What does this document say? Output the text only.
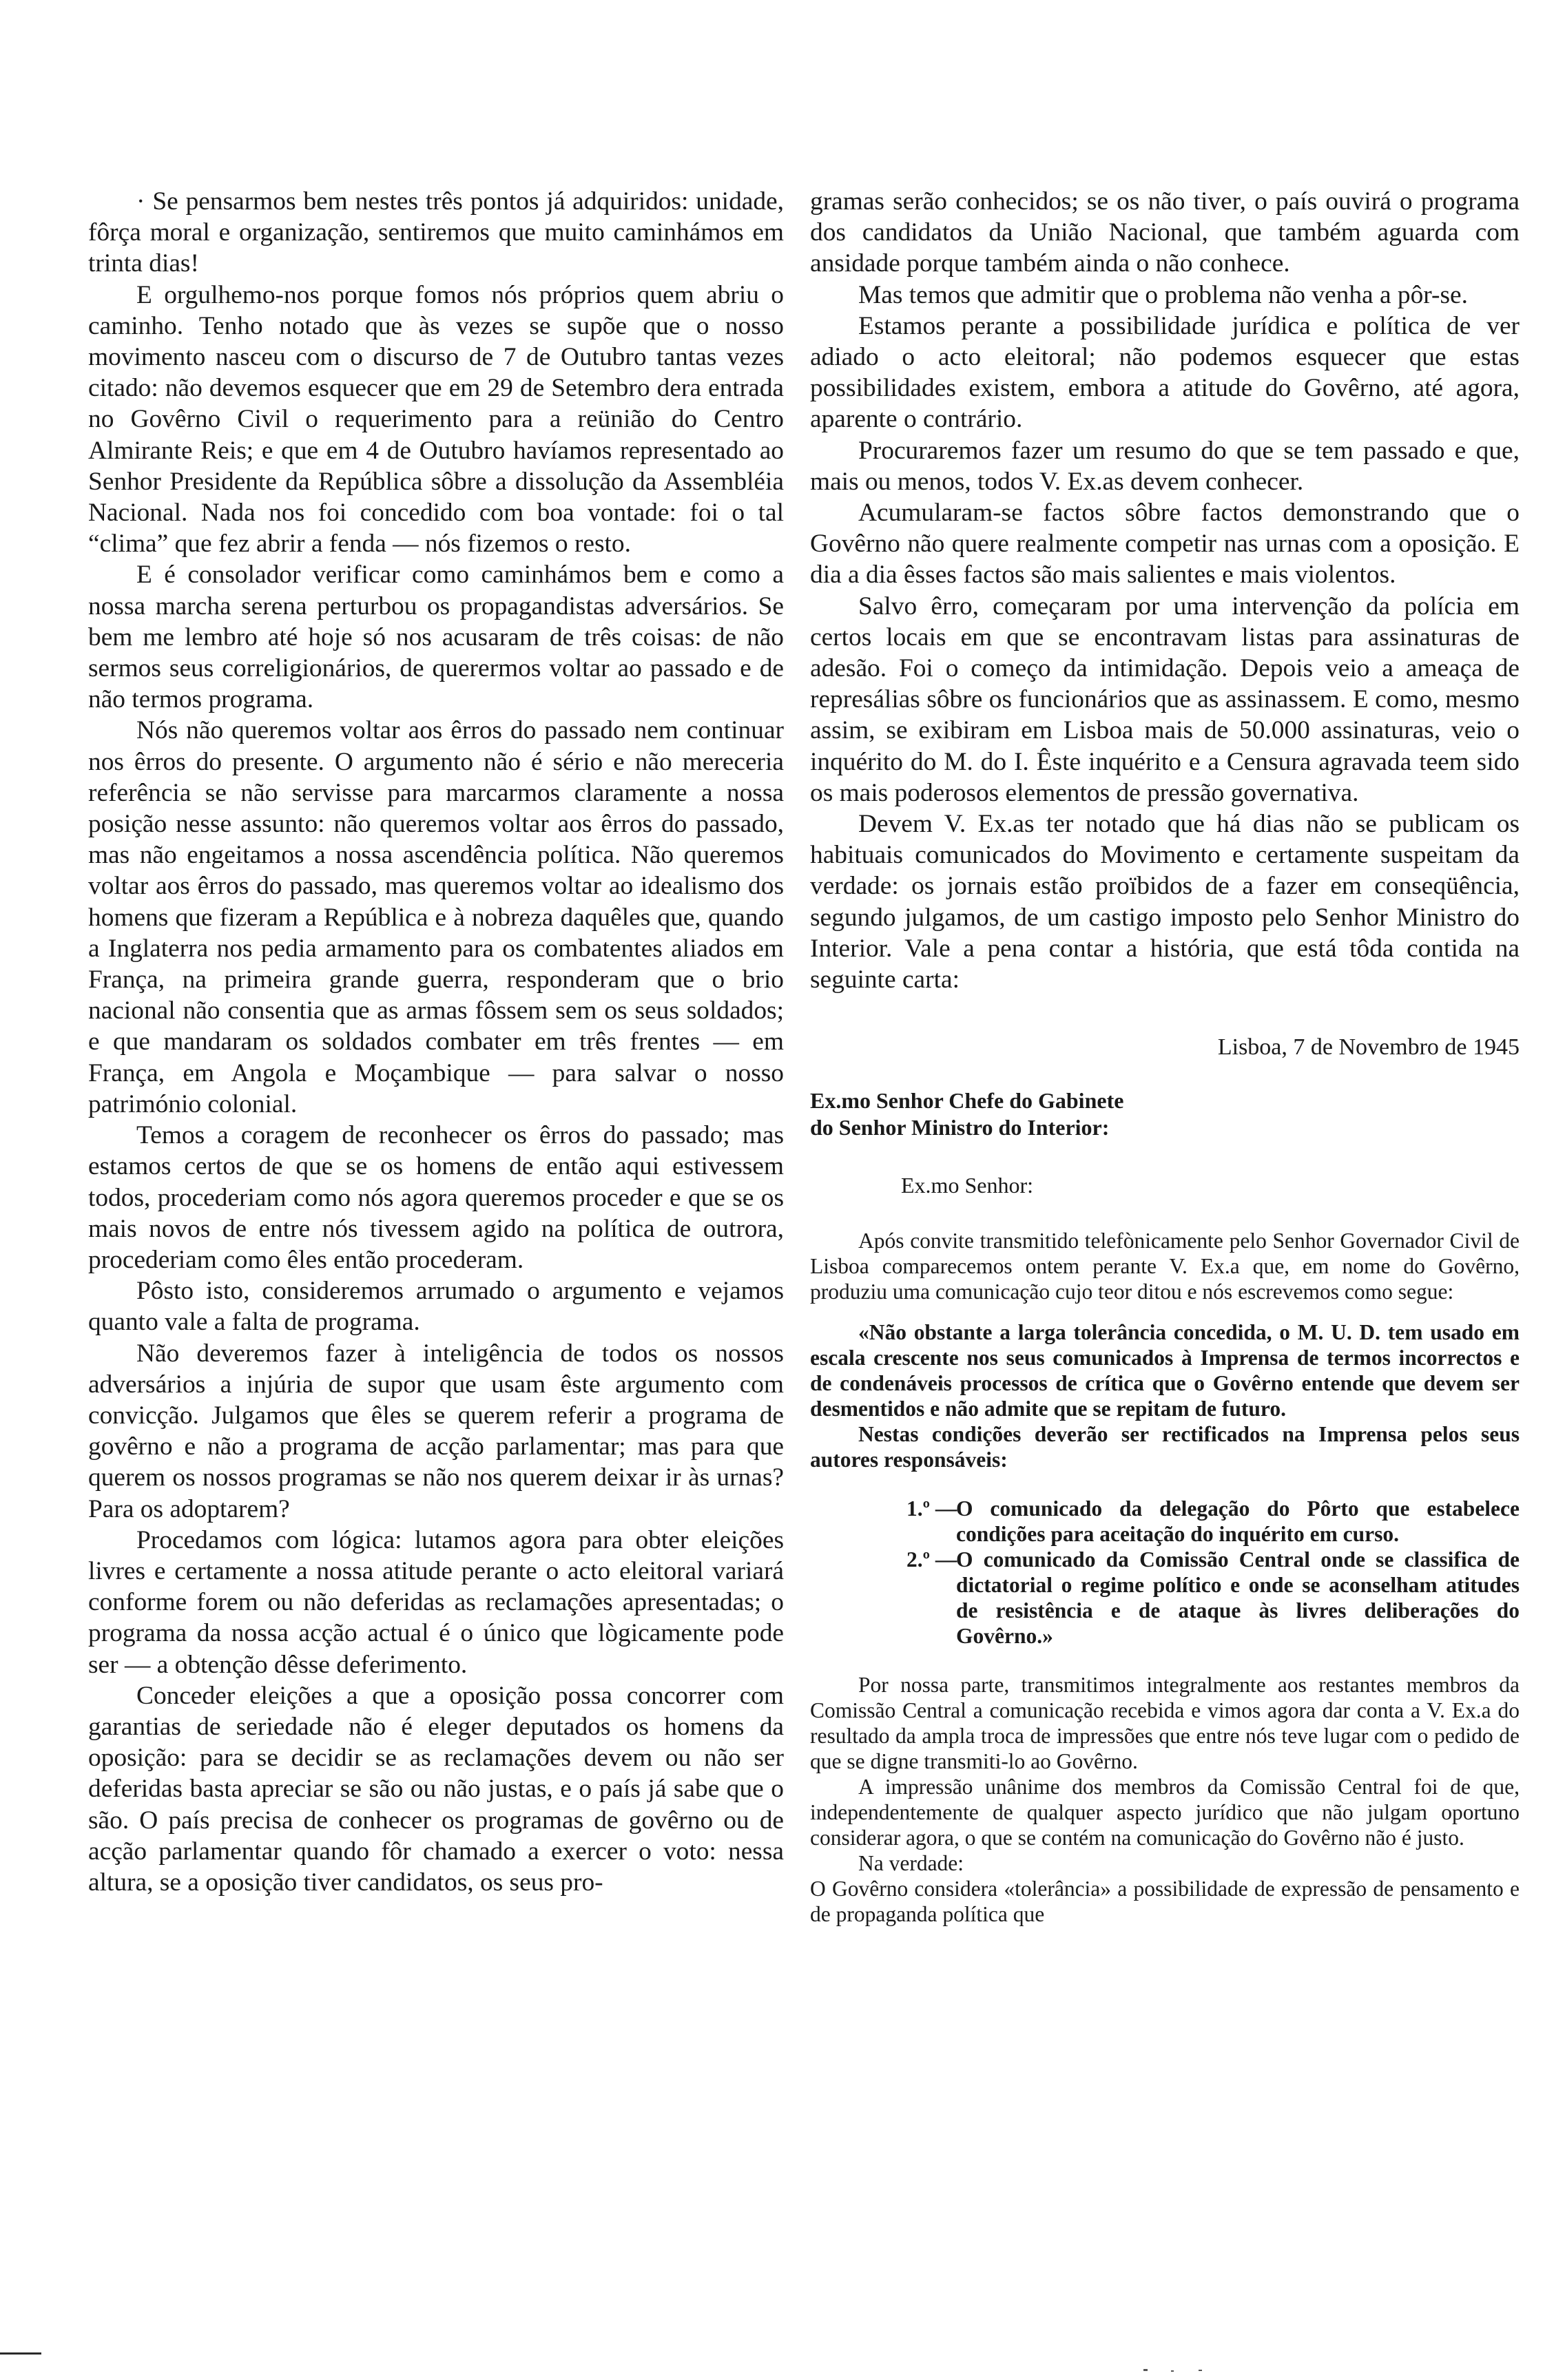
· Se pensarmos bem nestes três pontos já adquiridos: unidade, fôrça moral e organização, sentiremos que muito caminhámos em trinta dias!

E orgulhemo-nos porque fomos nós próprios quem abriu o caminho. Tenho notado que às vezes se supõe que o nosso movimento nasceu com o discurso de 7 de Outubro tantas vezes citado: não devemos esquecer que em 29 de Setembro dera entrada no Govêrno Civil o requerimento para a reünião do Centro Almirante Reis; e que em 4 de Outubro havíamos representado ao Senhor Presidente da República sôbre a dissolução da Assembléia Nacional. Nada nos foi concedido com boa vontade: foi o tal “clima” que fez abrir a fenda — nós fizemos o resto.

E é consolador verificar como caminhámos bem e como a nossa marcha serena perturbou os propagandistas adversários. Se bem me lembro até hoje só nos acusaram de três coisas: de não sermos seus correligionários, de querermos voltar ao passado e de não termos programa.

Nós não queremos voltar aos êrros do passado nem continuar nos êrros do presente. O argumento não é sério e não mereceria referência se não servisse para marcarmos claramente a nossa posição nesse assunto: não queremos voltar aos êrros do passado, mas não engeitamos a nossa ascendência política. Não queremos voltar aos êrros do passado, mas queremos voltar ao idealismo dos homens que fizeram a República e à nobreza daquêles que, quando a Inglaterra nos pedia armamento para os combatentes aliados em França, na primeira grande guerra, responderam que o brio nacional não consentia que as armas fôssem sem os seus soldados; e que mandaram os soldados combater em três frentes — em França, em Angola e Moçambique — para salvar o nosso património colonial.

Temos a coragem de reconhecer os êrros do passado; mas estamos certos de que se os homens de então aqui estivessem todos, procederiam como nós agora queremos proceder e que se os mais novos de entre nós tivessem agido na política de outrora, procederiam como êles então procederam.

Pôsto isto, consideremos arrumado o argumento e vejamos quanto vale a falta de programa.

Não deveremos fazer à inteligência de todos os nossos adversários a injúria de supor que usam êste argumento com convicção. Julgamos que êles se querem referir a programa de govêrno e não a programa de acção parlamentar; mas para que querem os nossos programas se não nos querem deixar ir às urnas? Para os adoptarem?

Procedamos com lógica: lutamos agora para obter eleições livres e certamente a nossa atitude perante o acto eleitoral variará conforme forem ou não deferidas as reclamações apresentadas; o programa da nossa acção actual é o único que lògicamente pode ser — a obtenção dêsse deferimento.

Conceder eleições a que a oposição possa concorrer com garantias de seriedade não é eleger deputados os homens da oposição: para se decidir se as reclamações devem ou não ser deferidas basta apreciar se são ou não justas, e o país já sabe que o são. O país precisa de conhecer os programas de govêrno ou de acção parlamentar quando fôr chamado a exercer o voto: nessa altura, se a oposição tiver candidatos, os seus pro-

gramas serão conhecidos; se os não tiver, o país ouvirá o programa dos candidatos da União Nacional, que também aguarda com ansidade porque também ainda o não conhece.

Mas temos que admitir que o problema não venha a pôr-se.

Estamos perante a possibilidade jurídica e política de ver adiado o acto eleitoral; não podemos esquecer que estas possibilidades existem, embora a atitude do Govêrno, até agora, aparente o contrário.

Procuraremos fazer um resumo do que se tem passado e que, mais ou menos, todos V. Ex.as devem conhecer.

Acumularam-se factos sôbre factos demonstrando que o Govêrno não quere realmente competir nas urnas com a oposição. E dia a dia êsses factos são mais salientes e mais violentos.

Salvo êrro, começaram por uma intervenção da polícia em certos locais em que se encontravam listas para assinaturas de adesão. Foi o começo da intimidação. Depois veio a ameaça de represálias sôbre os funcionários que as assinassem. E como, mesmo assim, se exibiram em Lisboa mais de 50.000 assinaturas, veio o inquérito do M. do I. Êste inquérito e a Censura agravada teem sido os mais poderosos elementos de pressão governativa.

Devem V. Ex.as ter notado que há dias não se publicam os habituais comunicados do Movimento e certamente suspeitam da verdade: os jornais estão proïbidos de a fazer em conseqüência, segundo julgamos, de um castigo imposto pelo Senhor Ministro do Interior. Vale a pena contar a história, que está tôda contida na seguinte carta:

Lisboa, 7 de Novembro de 1945
Ex.mo Senhor Chefe do Gabinete
do Senhor Ministro do Interior:
Ex.mo Senhor:

Após convite transmitido telefònicamente pelo Senhor Governador Civil de Lisboa comparecemos ontem perante V. Ex.a que, em nome do Govêrno, produziu uma comunicação cujo teor ditou e nós escrevemos como segue:

«Não obstante a larga tolerância concedida, o M. U. D. tem usado em escala crescente nos seus comunicados à Imprensa de termos incorrectos e de condenáveis processos de crítica que o Govêrno entende que devem ser desmentidos e não admite que se repitam de futuro.

Nestas condições deverão ser rectificados na Imprensa pelos seus autores responsáveis:

1.º —
O comunicado da delegação do Pôrto que estabelece condições para aceitação do inquérito em curso.
2.º —
O comunicado da Comissão Central onde se classifica de dictatorial o regime político e onde se aconselham atitudes de resistência e de ataque às livres deliberações do Govêrno.»

Por nossa parte, transmitimos integralmente aos restantes membros da Comissão Central a comunicação recebida e vimos agora dar conta a V. Ex.a do resultado da ampla troca de impressões que entre nós teve lugar com o pedido de que se digne transmiti-lo ao Govêrno.

A impressão unânime dos membros da Comissão Central foi de que, independentemente de qualquer aspecto jurídico que não julgam oportuno considerar agora, o que se contém na comunicação do Govêrno não é justo.

Na verdade:

O Govêrno considera «tolerância» a possibilidade de expressão de pensamento e de propaganda política que
